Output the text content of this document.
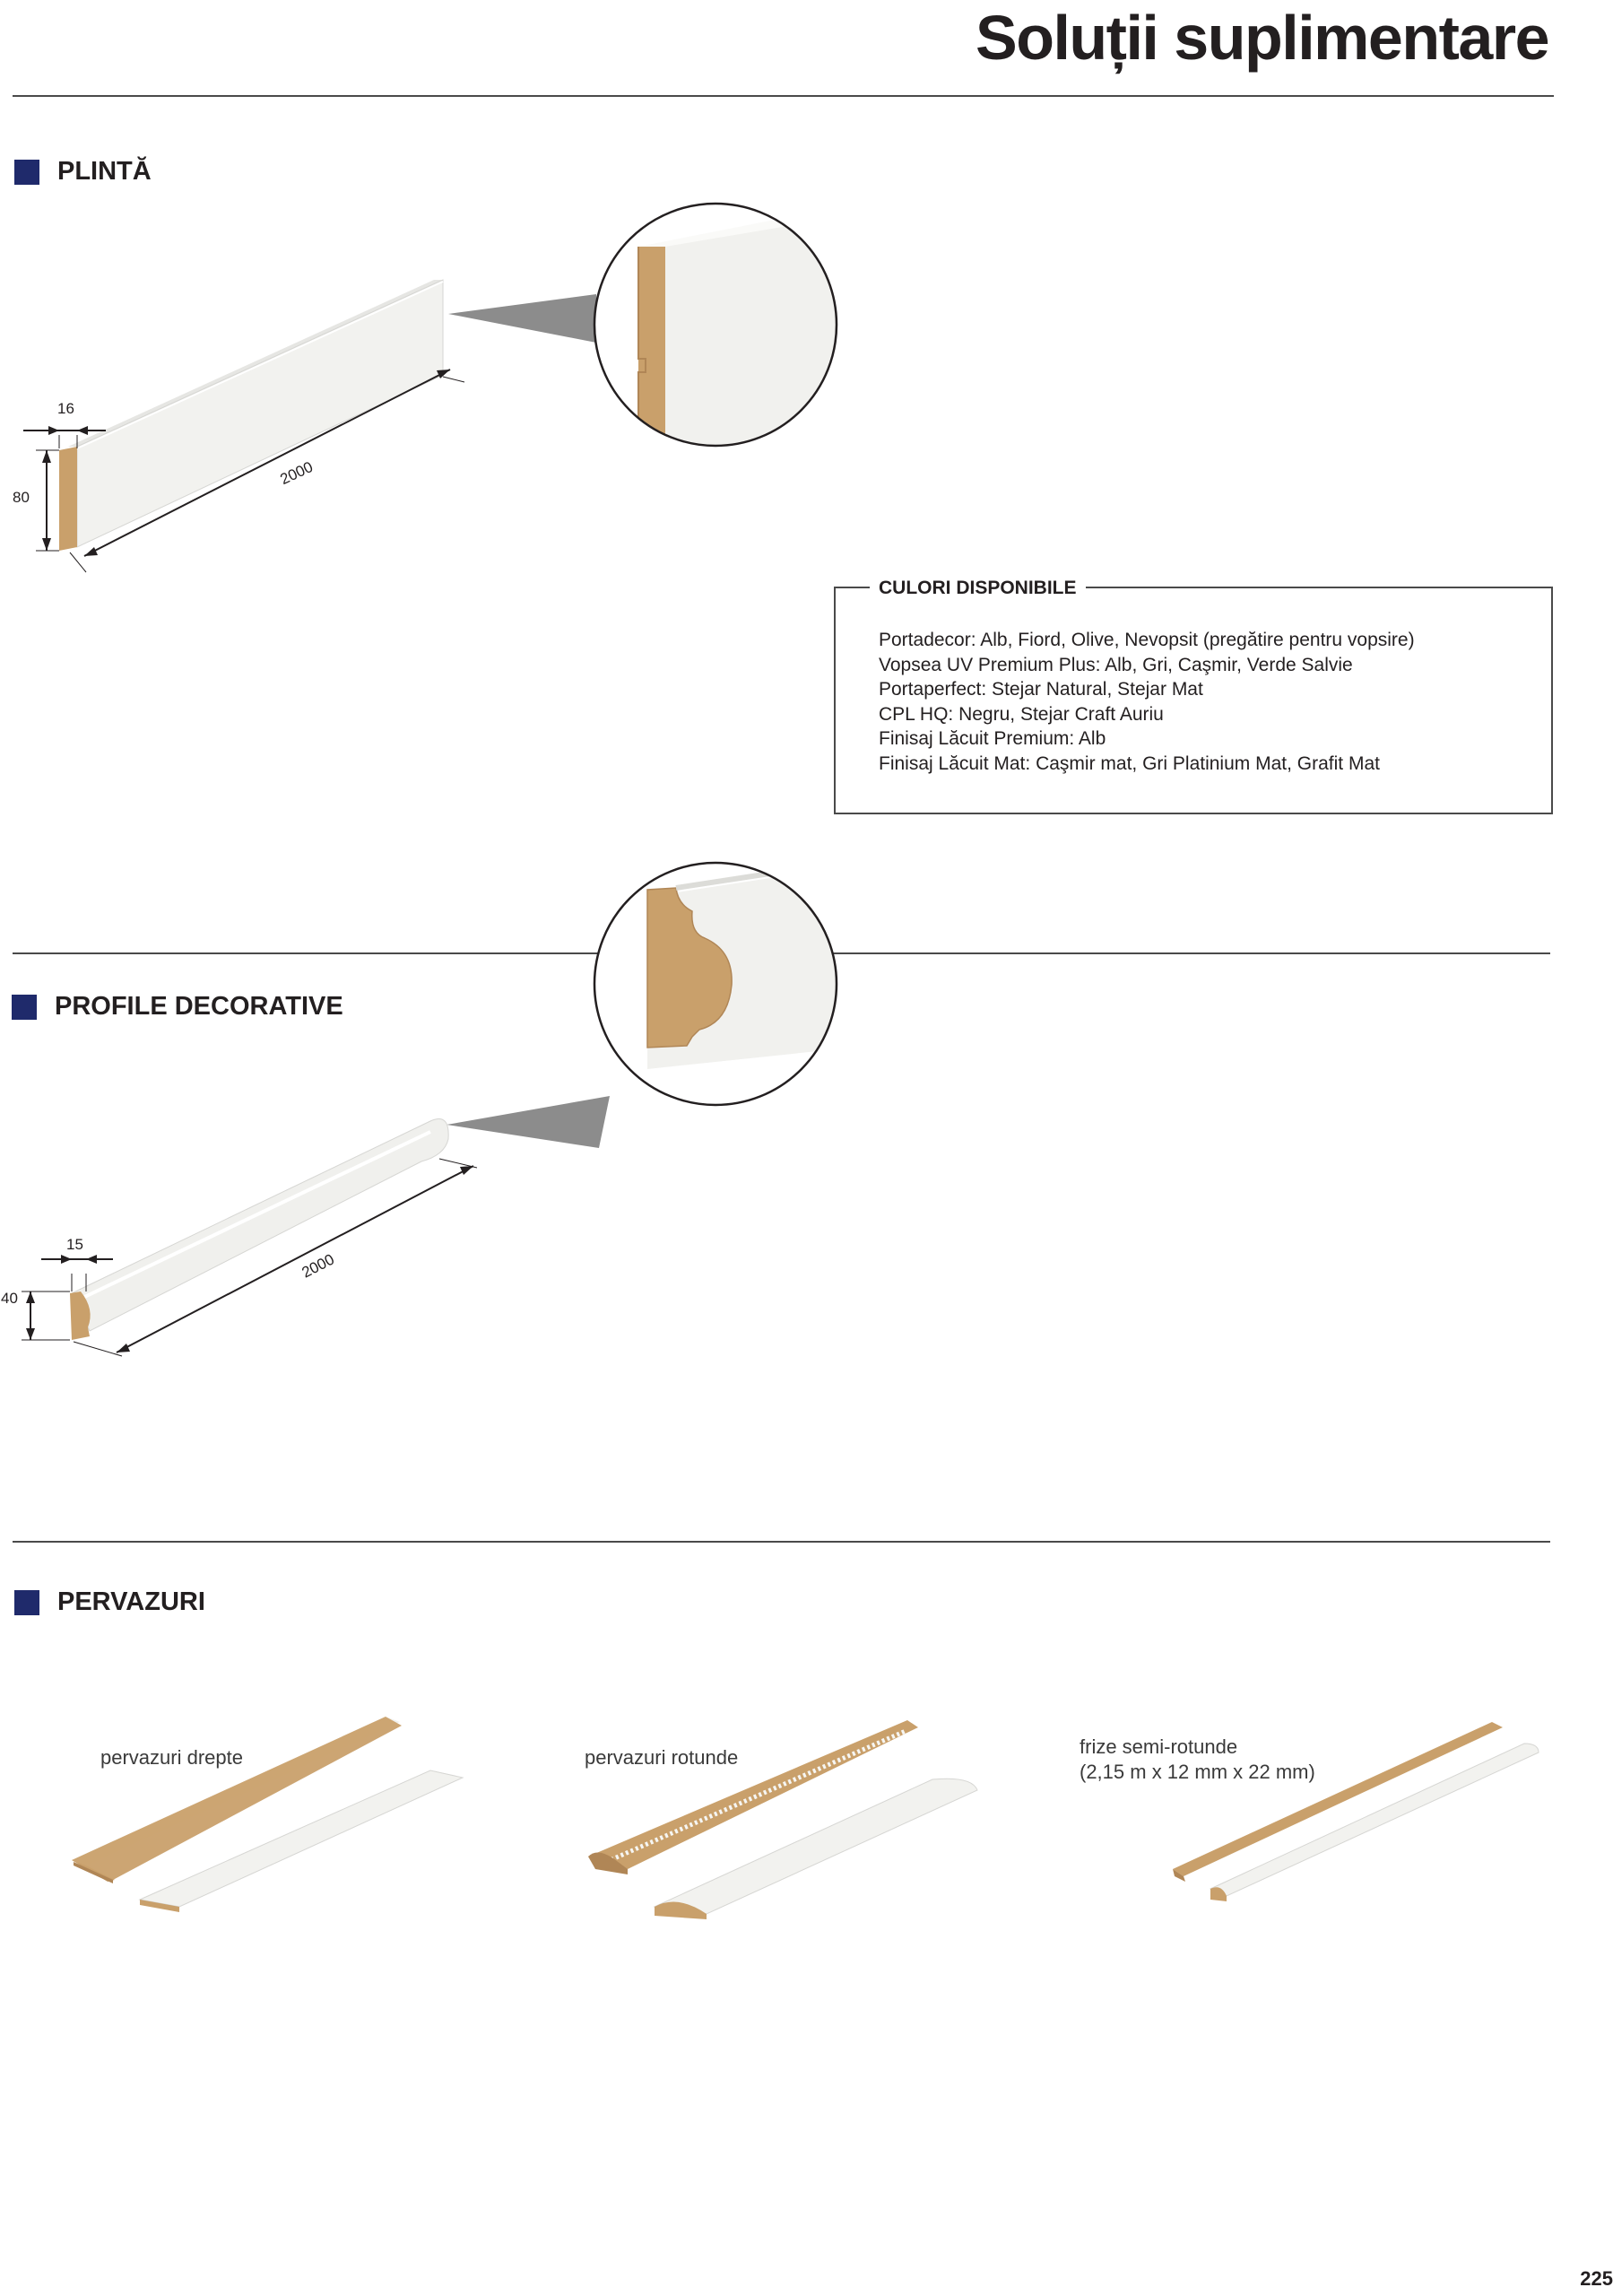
Soluții suplimentare
PLINTĂ
16
80
2000
CULORI DISPONIBILE
Portadecor: Alb, Fiord, Olive, Nevopsit (pregătire pentru vopsire)
Vopsea UV Premium Plus: Alb, Gri, Caşmir, Verde Salvie
Portaperfect: Stejar Natural, Stejar Mat
CPL HQ: Negru, Stejar Craft Auriu
Finisaj Lăcuit Premium: Alb
Finisaj Lăcuit Mat: Caşmir mat, Gri Platinium Mat, Grafit Mat
PROFILE DECORATIVE
15
40
2000
PERVAZURI
pervazuri drepte	pervazuri rotunde	frize semi-rotunde
(2,15 m x 12 mm x 22 mm)
225
